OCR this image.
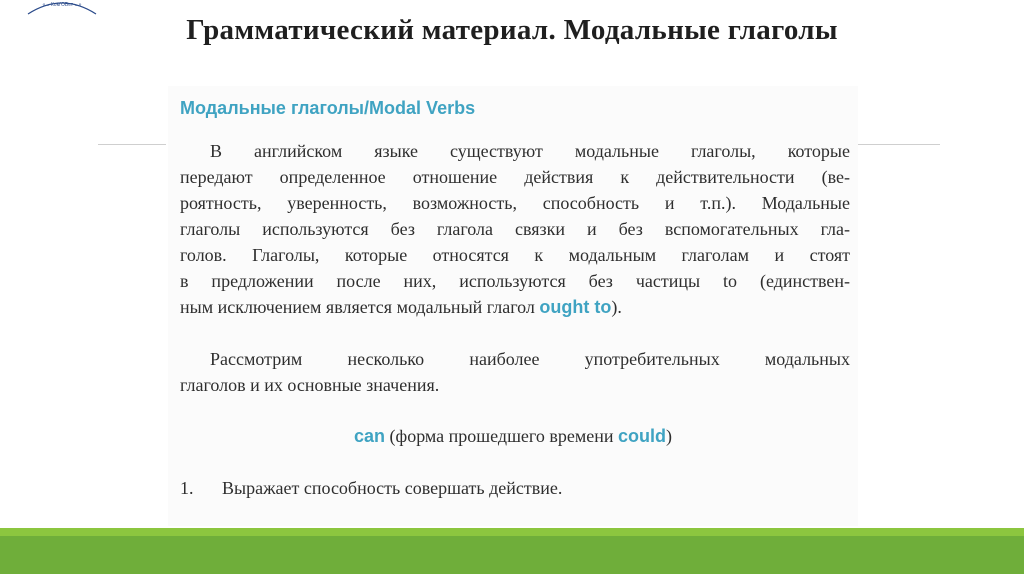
«... Ком'ОВет ...»
Грамматический материал. Модальные глаголы
Модальные глаголы/Modal Verbs
В английском языке существуют модальные глаголы, которые
передают определенное отношение действия к действительности (ве-
роятность, уверенность, возможность, способность и т.п.). Модальные
глаголы используются без глагола связки и без вспомогательных гла-
голов. Глаголы, которые относятся к модальным глаголам и стоят
в предложении после них, используются без частицы to (единствен-
ным исключением является модальный глагол ought to).
Рассмотрим несколько наиболее употребительных модальных
глаголов и их основные значения.
can (форма прошедшего времени could)
1. Выражает способность совершать действие.
